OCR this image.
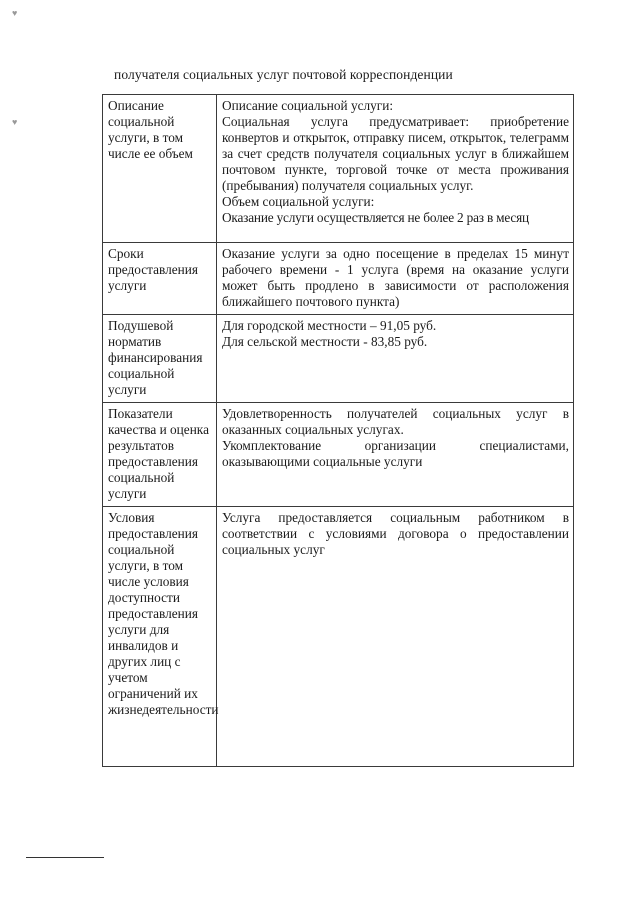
♥
♥
получателя социальных услуг почтовой корреспонденции
Описание социальной услуги, в том числе ее объем	Описание социальной услуги:
Социальная услуга предусматривает: приобретение конвертов и открыток, отправку писем, открыток, телеграмм за счет средств получателя социальных услуг в ближайшем почтовом пункте, торговой точке от места проживания (пребывания) получателя социальных услуг.
Объем социальной услуги:
Оказание услуги осуществляется не более 2 раз в месяц

Сроки предоставления услуги	Оказание услуги за одно посещение в пределах 15 минут рабочего времени - 1 услуга (время на оказание услуги может быть продлено в зависимости от расположения ближайшего почтового пункта)

Подушевой норматив финансирования социальной услуги	Для городской местности – 91,05 руб.
Для сельской местности - 83,85 руб.

Показатели качества и оценка результатов предоставления социальной услуги	Удовлетворенность получателей социальных услуг в оказанных социальных услугах.
Укомплектование организации специалистами, оказывающими социальные услуги

Условия предоставления социальной услуги, в том числе условия доступности предоставления услуги для инвалидов и других лиц с учетом ограничений их жизнедеятельности	Услуга предоставляется социальным работником в соответствии с условиями договора о предоставлении социальных услуг
